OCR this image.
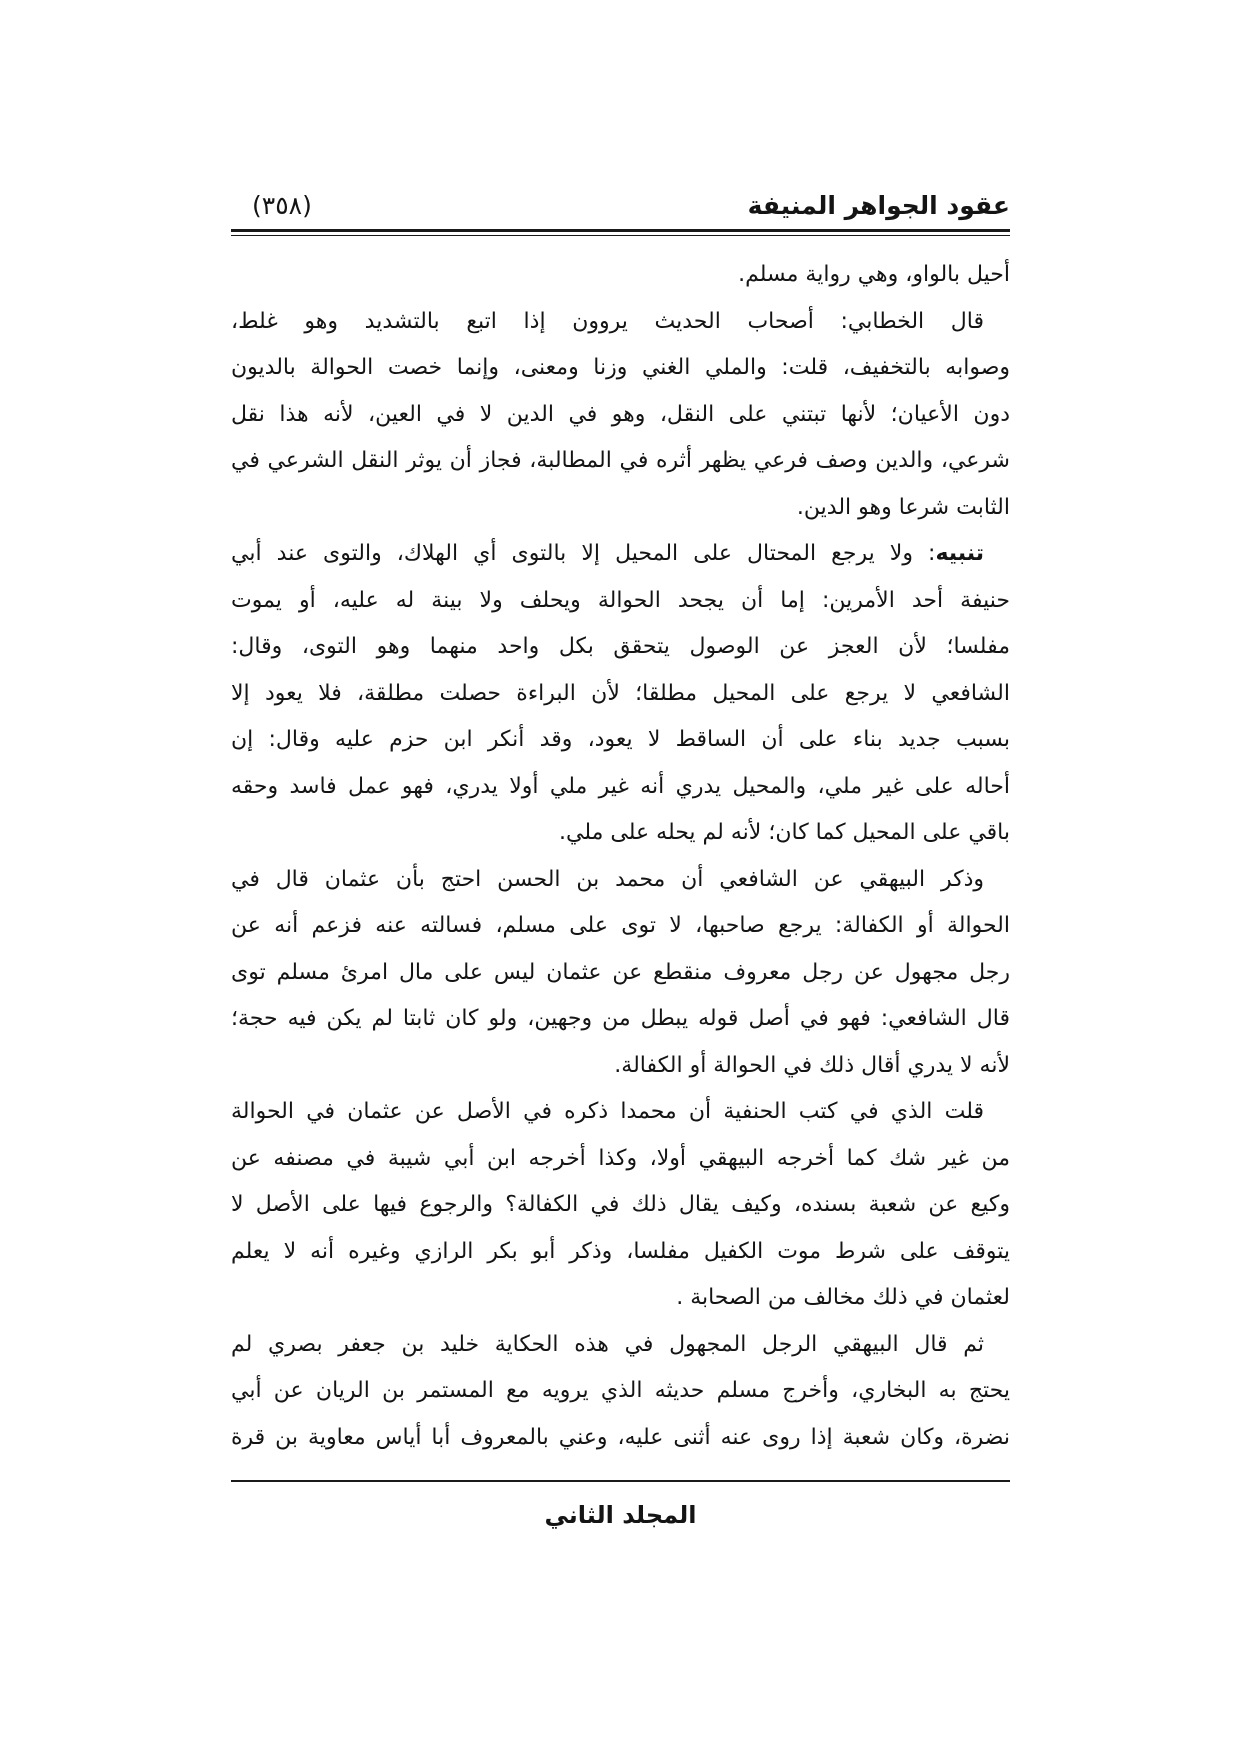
عقود الجواهر المنيفة
(٣٥٨)
أحيل بالواو، وهي رواية مسلم.
قال الخطابي: أصحاب الحديث يروون إذا اتبع بالتشديد وهو غلط،
وصوابه بالتخفيف، قلت: والملي الغني وزنا ومعنى، وإنما خصت الحوالة بالديون
دون الأعيان؛ لأنها تبتني على النقل، وهو في الدين لا في العين، لأنه هذا نقل
شرعي، والدين وصف فرعي يظهر أثره في المطالبة، فجاز أن يوثر النقل الشرعي في
الثابت شرعا وهو الدين.
تنبيه: ولا يرجع المحتال على المحيل إلا بالتوى أي الهلاك، والتوى عند أبي
حنيفة أحد الأمرين: إما أن يجحد الحوالة ويحلف ولا بينة له عليه، أو يموت
مفلسا؛ لأن العجز عن الوصول يتحقق بكل واحد منهما وهو التوى، وقال:
الشافعي لا يرجع على المحيل مطلقا؛ لأن البراءة حصلت مطلقة، فلا يعود إلا
بسبب جديد بناء على أن الساقط لا يعود، وقد أنكر ابن حزم عليه وقال: إن
أحاله على غير ملي، والمحيل يدري أنه غير ملي أولا يدري، فهو عمل فاسد وحقه
باقي على المحيل كما كان؛ لأنه لم يحله على ملي.
وذكر البيهقي عن الشافعي أن محمد بن الحسن احتج بأن عثمان قال في
الحوالة أو الكفالة: يرجع صاحبها، لا توى على مسلم، فسالته عنه فزعم أنه عن
رجل مجهول عن رجل معروف منقطع عن عثمان ليس على مال امرئ مسلم توى
قال الشافعي: فهو في أصل قوله يبطل من وجهين، ولو كان ثابتا لم يكن فيه حجة؛
لأنه لا يدري أقال ذلك في الحوالة أو الكفالة.
قلت الذي في كتب الحنفية أن محمدا ذكره في الأصل عن عثمان في الحوالة
من غير شك كما أخرجه البيهقي أولا، وكذا أخرجه ابن أبي شيبة في مصنفه عن
وكيع عن شعبة بسنده، وكيف يقال ذلك في الكفالة؟ والرجوع فيها على الأصل لا
يتوقف على شرط موت الكفيل مفلسا، وذكر أبو بكر الرازي وغيره أنه لا يعلم
لعثمان في ذلك مخالف من الصحابة .
ثم قال البيهقي الرجل المجهول في هذه الحكاية خليد بن جعفر بصري لم
يحتج به البخاري، وأخرج مسلم حديثه الذي يرويه مع المستمر بن الريان عن أبي
نضرة، وكان شعبة إذا روى عنه أثنى عليه، وعني بالمعروف أبا أياس معاوية بن قرة
المجلد الثاني
